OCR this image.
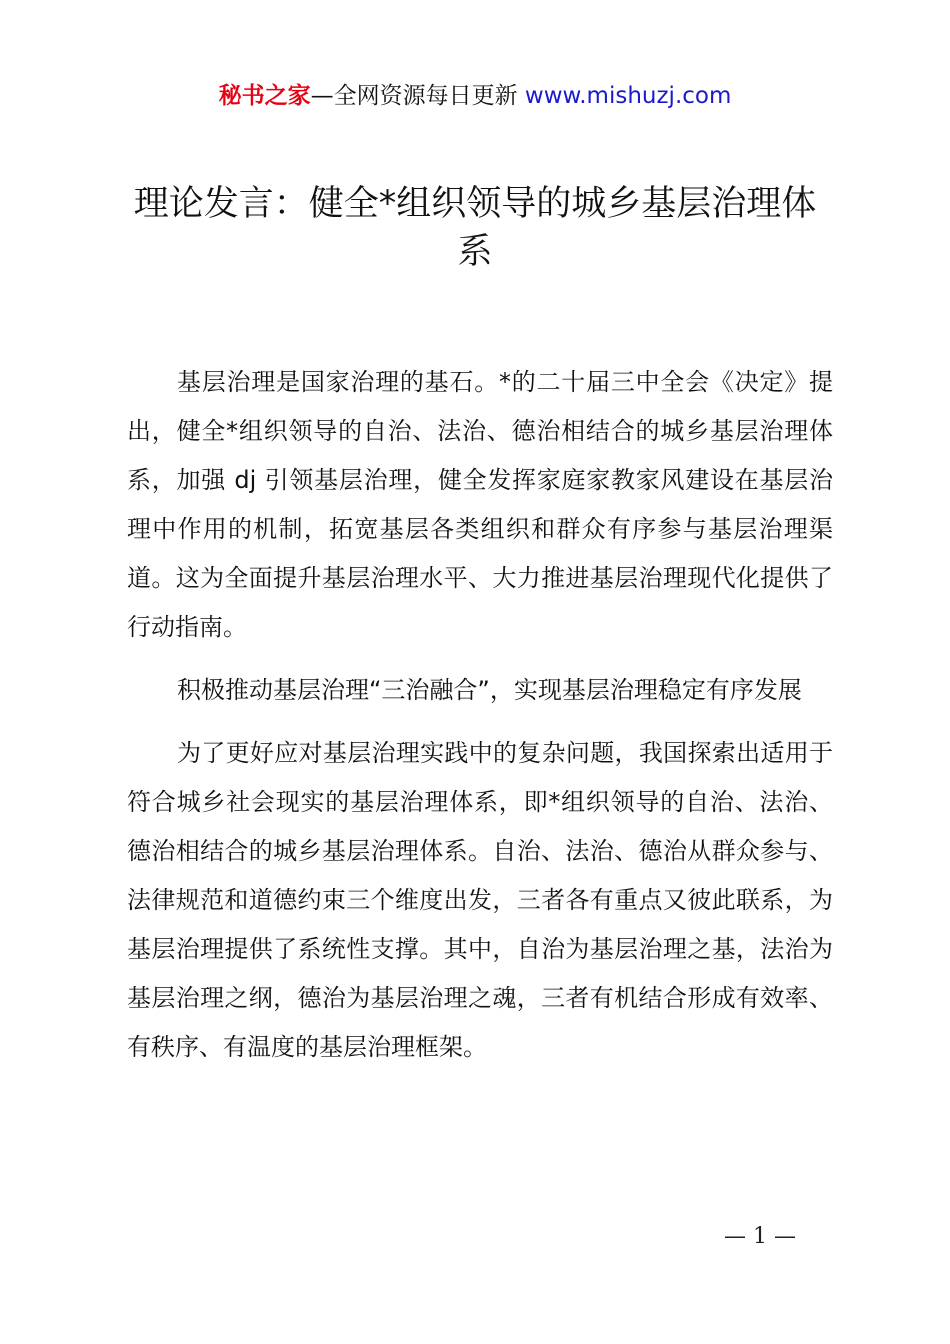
秘书之家—全网资源每日更新 www.mishuzj.com
理论发言：健全*组织领导的城乡基层治理体系

基层治理是国家治理的基石。*的二十届三中全会《决定》提出，健全*组织领导的自治、法治、德治相结合的城乡基层治理体系，加强 dj 引领基层治理，健全发挥家庭家教家风建设在基层治理中作用的机制，拓宽基层各类组织和群众有序参与基层治理渠道。这为全面提升基层治理水平、大力推进基层治理现代化提供了行动指南。

积极推动基层治理“三治融合”，实现基层治理稳定有序发展

为了更好应对基层治理实践中的复杂问题，我国探索出适用于符合城乡社会现实的基层治理体系，即*组织领导的自治、法治、德治相结合的城乡基层治理体系。自治、法治、德治从群众参与、法律规范和道德约束三个维度出发，三者各有重点又彼此联系，为基层治理提供了系统性支撑。其中，自治为基层治理之基，法治为基层治理之纲，德治为基层治理之魂，三者有机结合形成有效率、有秩序、有温度的基层治理框架。

— 1 —
